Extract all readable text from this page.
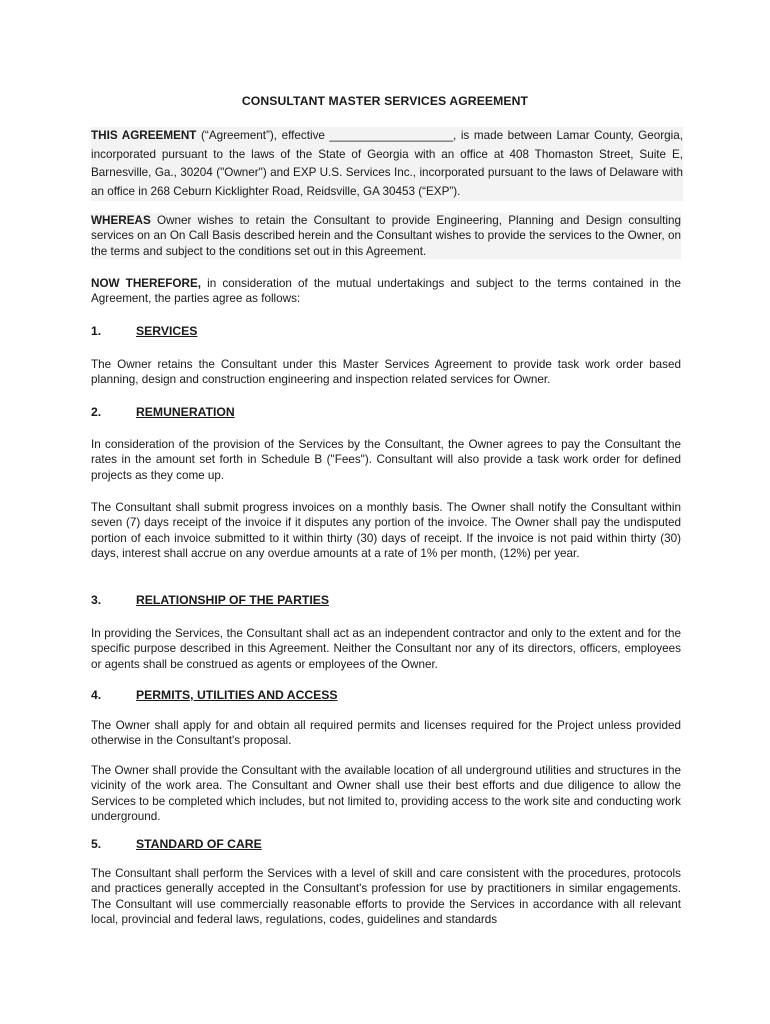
CONSULTANT MASTER SERVICES AGREEMENT

THIS AGREEMENT (“Agreement”), effective ___________________, is made between Lamar County, Georgia, incorporated pursuant to the laws of the State of Georgia with an office at 408 Thomaston Street, Suite E, Barnesville, Ga., 30204 ("Owner") and EXP U.S. Services Inc., incorporated pursuant to the laws of Delaware with an office in 268 Ceburn Kicklighter Road, Reidsville, GA 30453 (“EXP”).

WHEREAS Owner wishes to retain the Consultant to provide Engineering, Planning and Design consulting services on an On Call Basis described herein and the Consultant wishes to provide the services to the Owner, on the terms and subject to the conditions set out in this Agreement.

NOW THEREFORE, in consideration of the mutual undertakings and subject to the terms contained in the Agreement, the parties agree as follows:

1.	SERVICES

The Owner retains the Consultant under this Master Services Agreement to provide task work order based planning, design and construction engineering and inspection related services for Owner.

2.	REMUNERATION

In consideration of the provision of the Services by the Consultant, the Owner agrees to pay the Consultant the rates in the amount set forth in Schedule B ("Fees"). Consultant will also provide a task work order for defined projects as they come up.

The Consultant shall submit progress invoices on a monthly basis. The Owner shall notify the Consultant within seven (7) days receipt of the invoice if it disputes any portion of the invoice. The Owner shall pay the undisputed portion of each invoice submitted to it within thirty (30) days of receipt. If the invoice is not paid within thirty (30) days, interest shall accrue on any overdue amounts at a rate of 1% per month, (12%) per year.

3.	RELATIONSHIP OF THE PARTIES

In providing the Services, the Consultant shall act as an independent contractor and only to the extent and for the specific purpose described in this Agreement. Neither the Consultant nor any of its directors, officers, employees or agents shall be construed as agents or employees of the Owner.

4.	PERMITS, UTILITIES AND ACCESS

The Owner shall apply for and obtain all required permits and licenses required for the Project unless provided otherwise in the Consultant's proposal.

The Owner shall provide the Consultant with the available location of all underground utilities and structures in the vicinity of the work area. The Consultant and Owner shall use their best efforts and due diligence to allow the Services to be completed which includes, but not limited to, providing access to the work site and conducting work underground.

5.	STANDARD OF CARE

The Consultant shall perform the Services with a level of skill and care consistent with the procedures, protocols and practices generally accepted in the Consultant's profession for use by practitioners in similar engagements. The Consultant will use commercially reasonable efforts to provide the Services in accordance with all relevant local, provincial and federal laws, regulations, codes, guidelines and standards
